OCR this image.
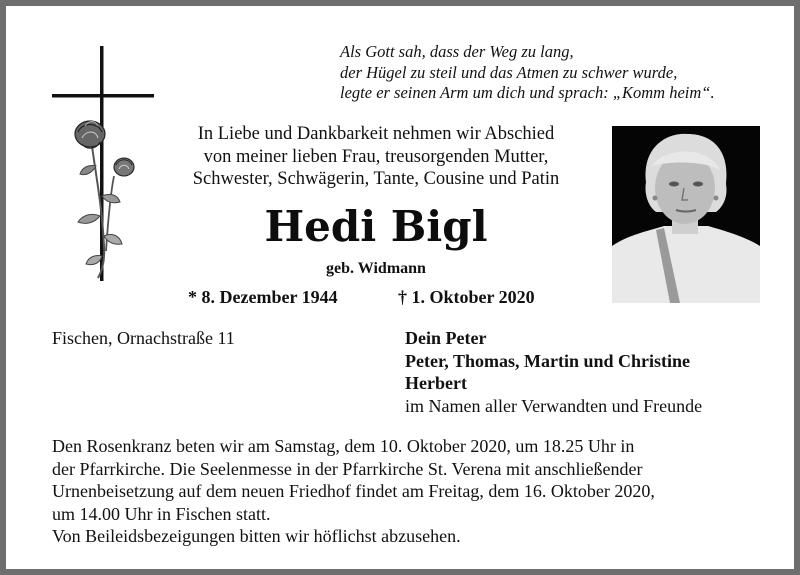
Als Gott sah, dass der Weg zu lang,
der Hügel zu steil und das Atmen zu schwer wurde,
legte er seinen Arm um dich und sprach: „Komm heim“.
In Liebe und Dankbarkeit nehmen wir Abschied
von meiner lieben Frau, treusorgenden Mutter,
Schwester, Schwägerin, Tante, Cousine und Patin
Hedi Bigl
geb. Widmann
* 8. Dezember 1944	† 1. Oktober 2020
Fischen, Ornachstraße 11	Dein Peter
Peter, Thomas, Martin und Christine
Herbert
im Namen aller Verwandten und Freunde
Den Rosenkranz beten wir am Samstag, dem 10. Oktober 2020, um 18.25 Uhr in
der Pfarrkirche. Die Seelenmesse in der Pfarrkirche St. Verena mit anschließender
Urnenbeisetzung auf dem neuen Friedhof findet am Freitag, dem 16. Oktober 2020,
um 14.00 Uhr in Fischen statt.
Von Beileidsbezeigungen bitten wir höflichst abzusehen.
